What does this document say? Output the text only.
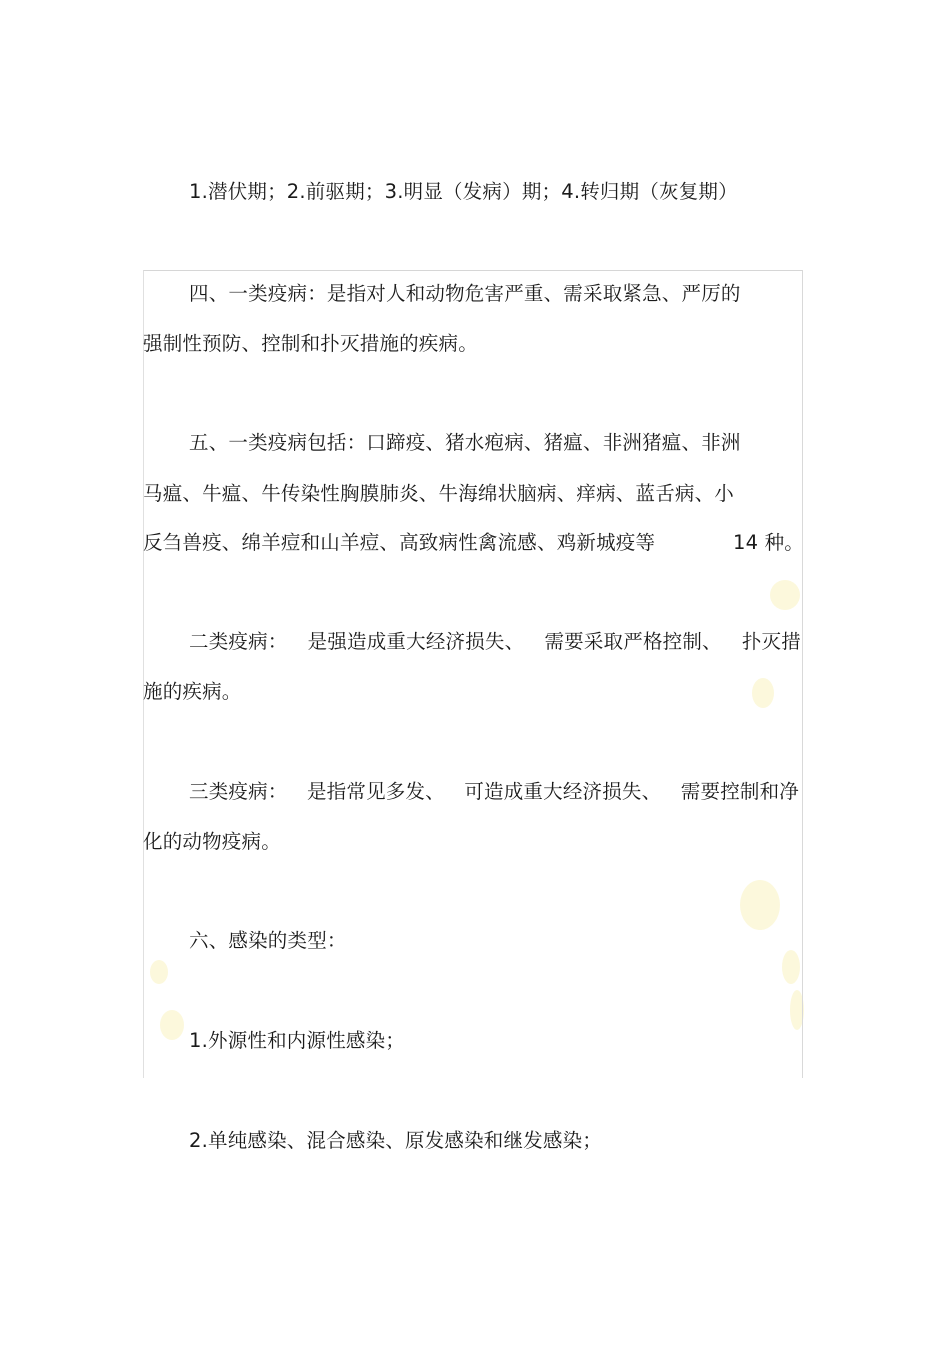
1.潜伏期；2.前驱期；3.明显（发病）期；4.转归期（灰复期）
四、一类疫病：是指对人和动物危害严重、需采取紧急、严厉的
强制性预防、控制和扑灭措施的疾病。
五、一类疫病包括：口蹄疫、猪水疱病、猪瘟、非洲猪瘟、非洲
马瘟、牛瘟、牛传染性胸膜肺炎、牛海绵状脑病、痒病、蓝舌病、小
反刍兽疫、绵羊痘和山羊痘、高致病性禽流感、鸡新城疫等	14 种。
二类疫病： 是强造成重大经济损失、 需要采取严格控制、 扑灭措
施的疾病。
三类疫病： 是指常见多发、 可造成重大经济损失、 需要控制和净
化的动物疫病。
六、感染的类型：
1.外源性和内源性感染；
2.单纯感染、混合感染、原发感染和继发感染；
